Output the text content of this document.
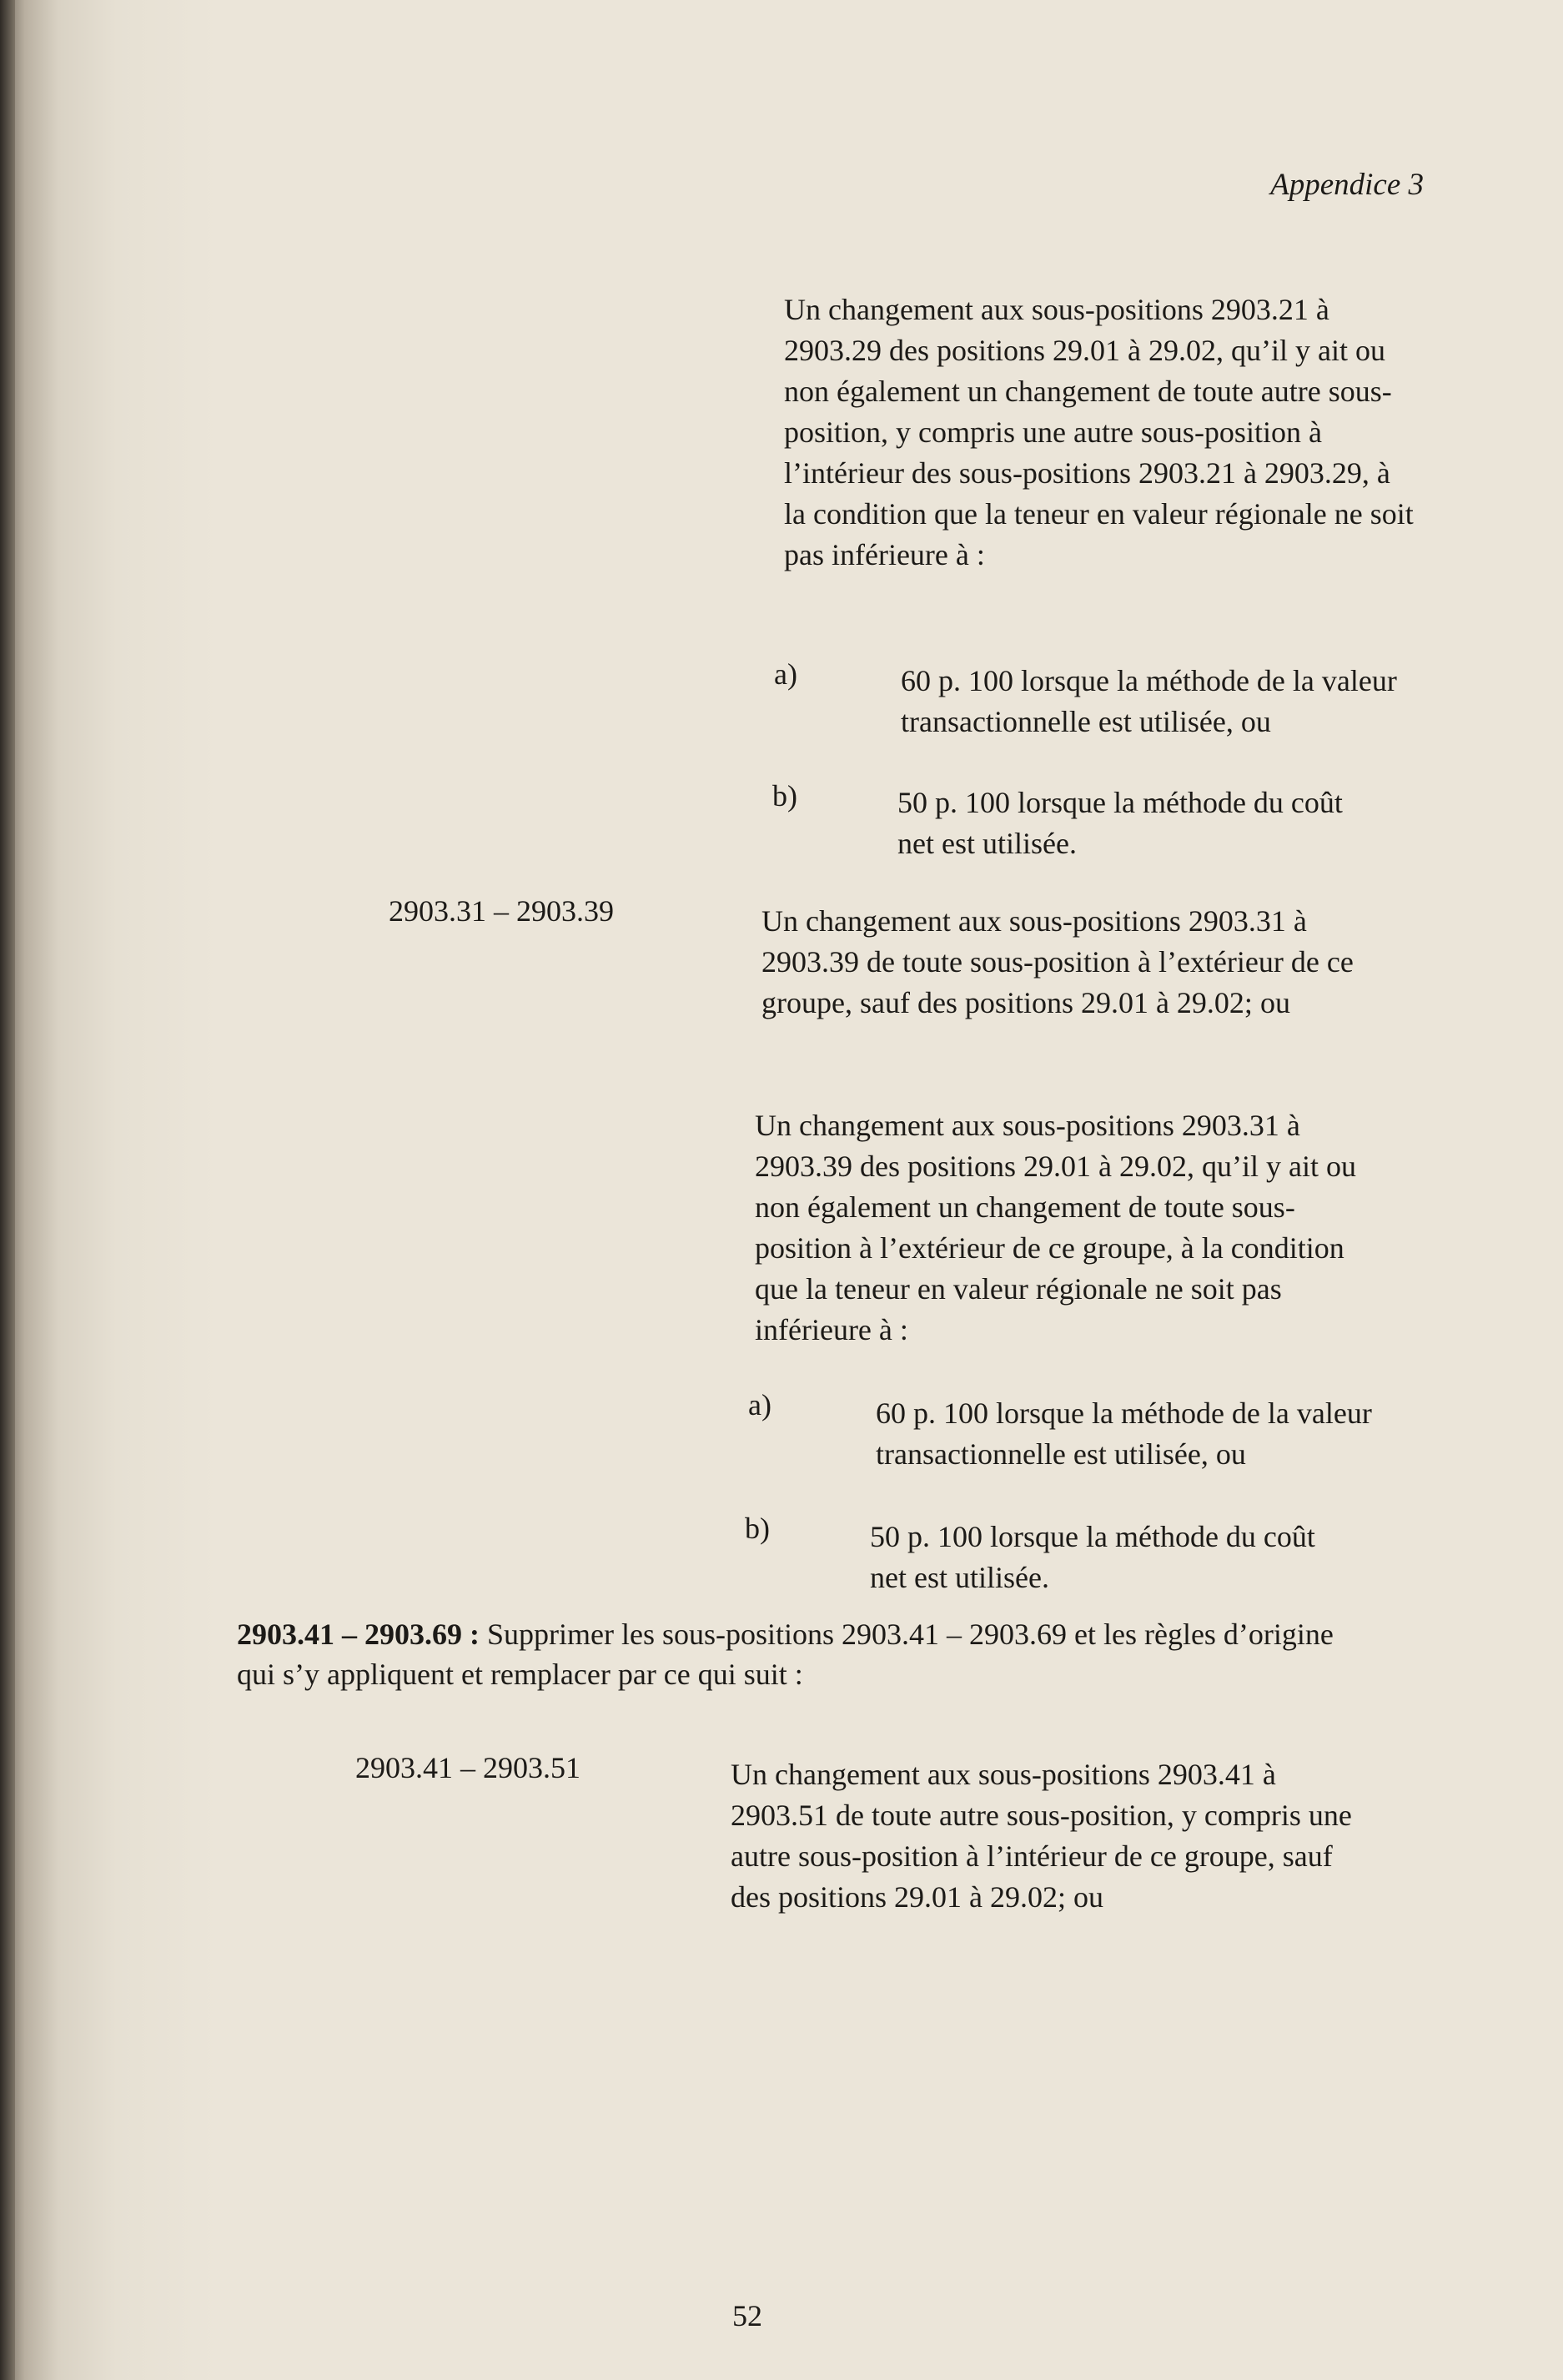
Appendice 3
Un changement aux sous-positions 2903.21 à 2903.29 des positions 29.01 à 29.02, qu’il y ait ou non également un changement de toute autre sous-position, y compris une autre sous-position à l’intérieur des sous-positions 2903.21 à 2903.29, à la condition que la teneur en valeur régionale ne soit pas inférieure à :
a)	60 p. 100 lorsque la méthode de la valeur transactionnelle est utilisée, ou
b)	50 p. 100 lorsque la méthode du coût net est utilisée.
2903.31 – 2903.39	Un changement aux sous-positions 2903.31 à 2903.39 de toute sous-position à l’extérieur de ce groupe, sauf des positions 29.01 à 29.02; ou
Un changement aux sous-positions 2903.31 à 2903.39 des positions 29.01 à 29.02, qu’il y ait ou non également un changement de toute sous-position à l’extérieur de ce groupe, à la condition que la teneur en valeur régionale ne soit pas inférieure à :
a)	60 p. 100 lorsque la méthode de la valeur transactionnelle est utilisée, ou
b)	50 p. 100 lorsque la méthode du coût net est utilisée.
2903.41 – 2903.69 : Supprimer les sous-positions 2903.41 – 2903.69 et les règles d’origine qui s’y appliquent et remplacer par ce qui suit :
2903.41 – 2903.51	Un changement aux sous-positions 2903.41 à 2903.51 de toute autre sous-position, y compris une autre sous-position à l’intérieur de ce groupe, sauf des positions 29.01 à 29.02; ou
52
